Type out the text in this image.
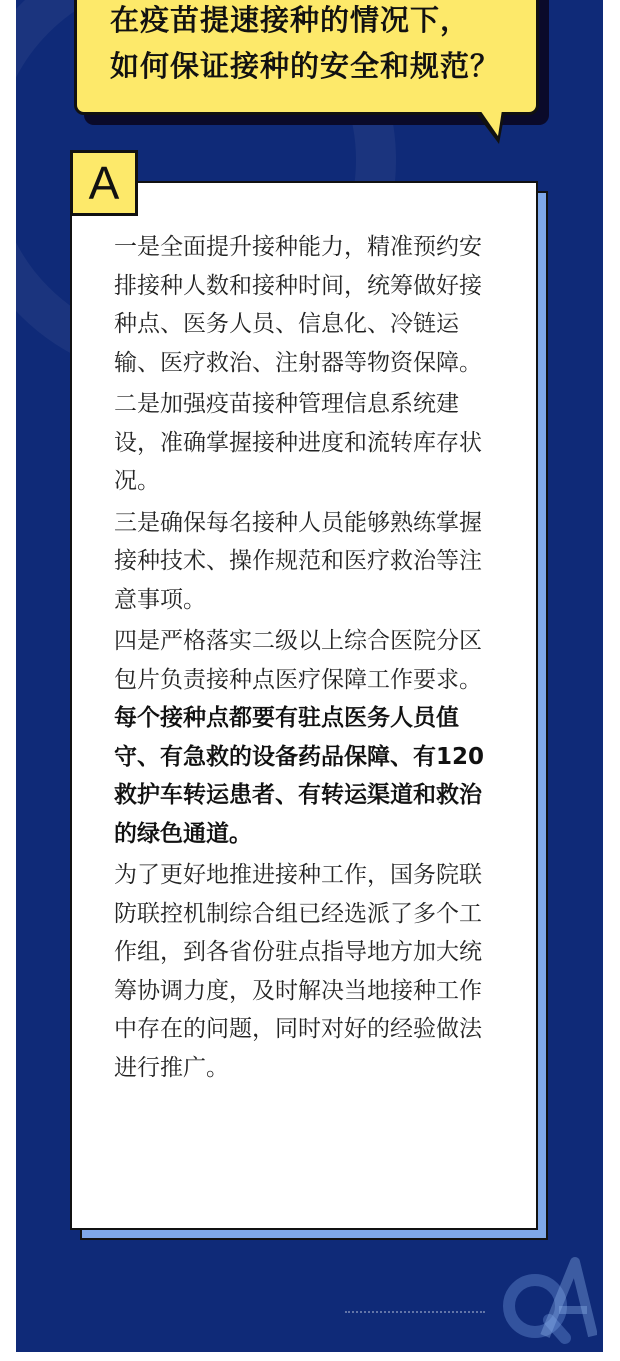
在疫苗提速接种的情况下，
如何保证接种的安全和规范？
A

一是全面提升接种能力，精准预约安排接种人数和接种时间，统筹做好接种点、医务人员、信息化、冷链运输、医疗救治、注射器等物资保障。

二是加强疫苗接种管理信息系统建设，准确掌握接种进度和流转库存状况。

三是确保每名接种人员能够熟练掌握接种技术、操作规范和医疗救治等注意事项。

四是严格落实二级以上综合医院分区包片负责接种点医疗保障工作要求。每个接种点都要有驻点医务人员值守、有急救的设备药品保障、有120救护车转运患者、有转运渠道和救治的绿色通道。

为了更好地推进接种工作，国务院联防联控机制综合组已经选派了多个工作组，到各省份驻点指导地方加大统筹协调力度，及时解决当地接种工作中存在的问题，同时对好的经验做法进行推广。
